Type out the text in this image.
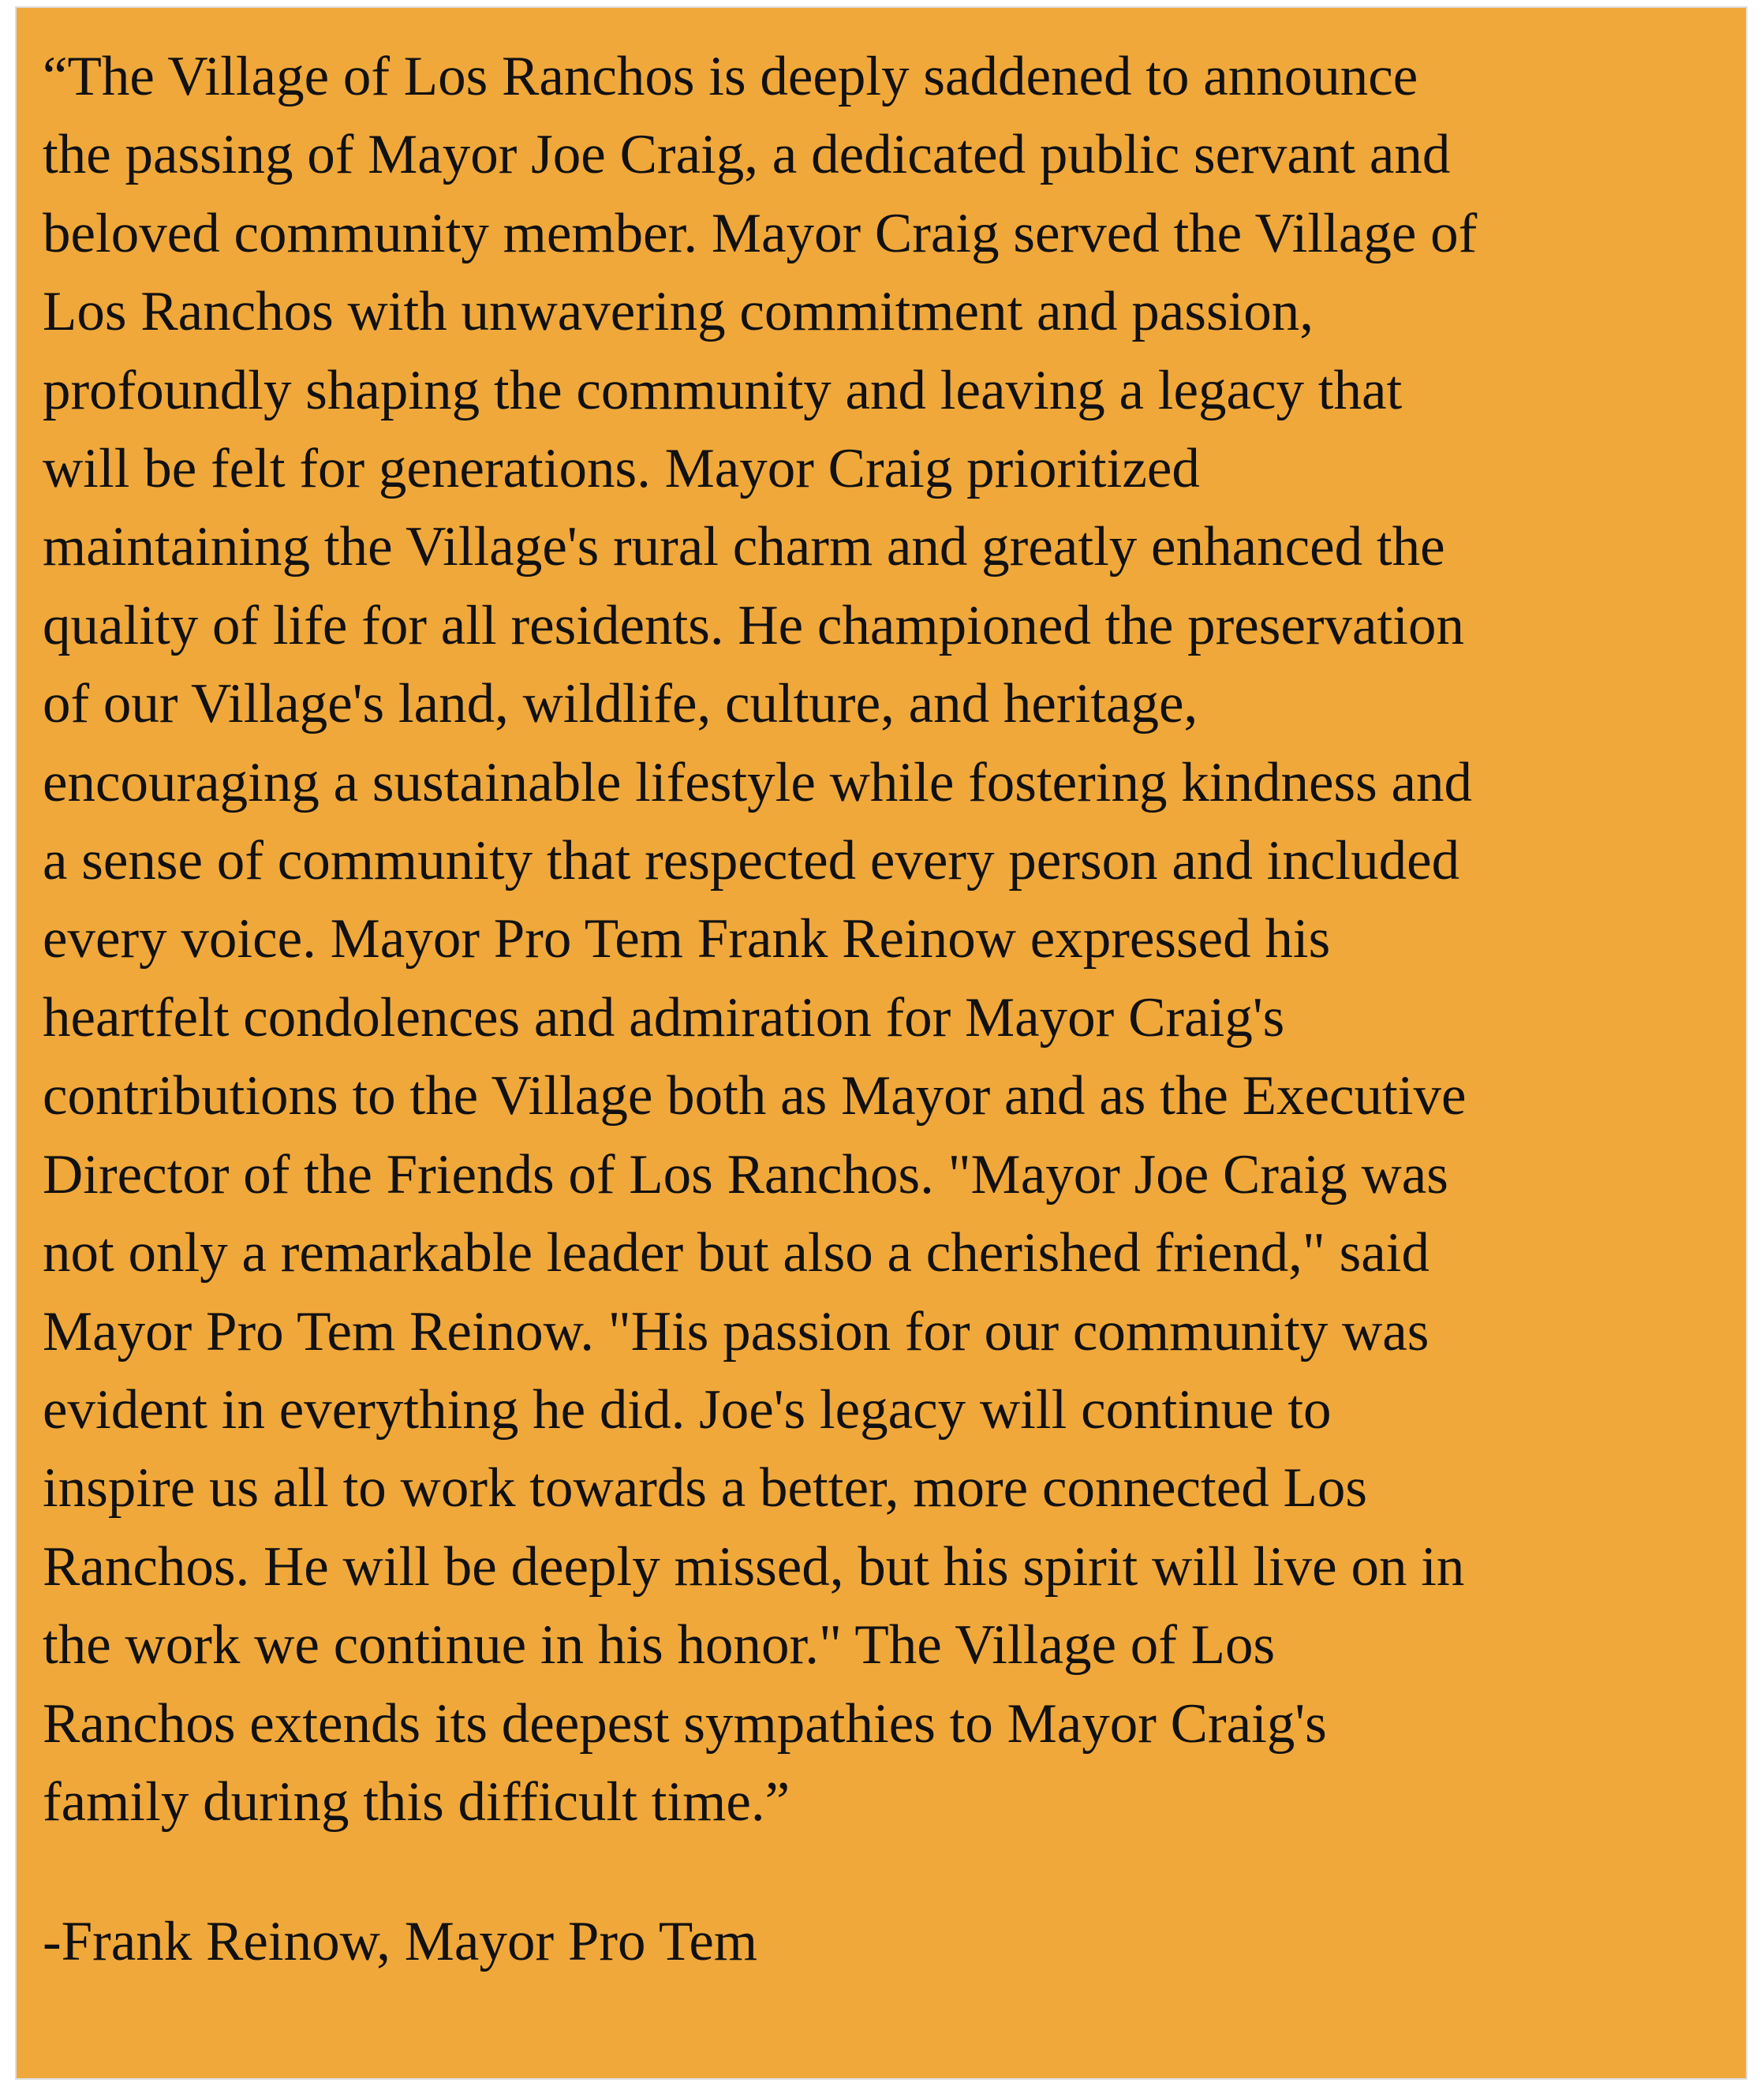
“The Village of Los Ranchos is deeply saddened to announce
the passing of Mayor Joe Craig, a dedicated public servant and
beloved community member. Mayor Craig served the Village of
Los Ranchos with unwavering commitment and passion,
profoundly shaping the community and leaving a legacy that
will be felt for generations. Mayor Craig prioritized
maintaining the Village's rural charm and greatly enhanced the
quality of life for all residents. He championed the preservation
of our Village's land, wildlife, culture, and heritage,
encouraging a sustainable lifestyle while fostering kindness and
a sense of community that respected every person and included
every voice. Mayor Pro Tem Frank Reinow expressed his
heartfelt condolences and admiration for Mayor Craig's
contributions to the Village both as Mayor and as the Executive
Director of the Friends of Los Ranchos. "Mayor Joe Craig was
not only a remarkable leader but also a cherished friend," said
Mayor Pro Tem Reinow. "His passion for our community was
evident in everything he did. Joe's legacy will continue to
inspire us all to work towards a better, more connected Los
Ranchos. He will be deeply missed, but his spirit will live on in
the work we continue in his honor." The Village of Los
Ranchos extends its deepest sympathies to Mayor Craig's
family during this difficult time.”

-Frank Reinow, Mayor Pro Tem
